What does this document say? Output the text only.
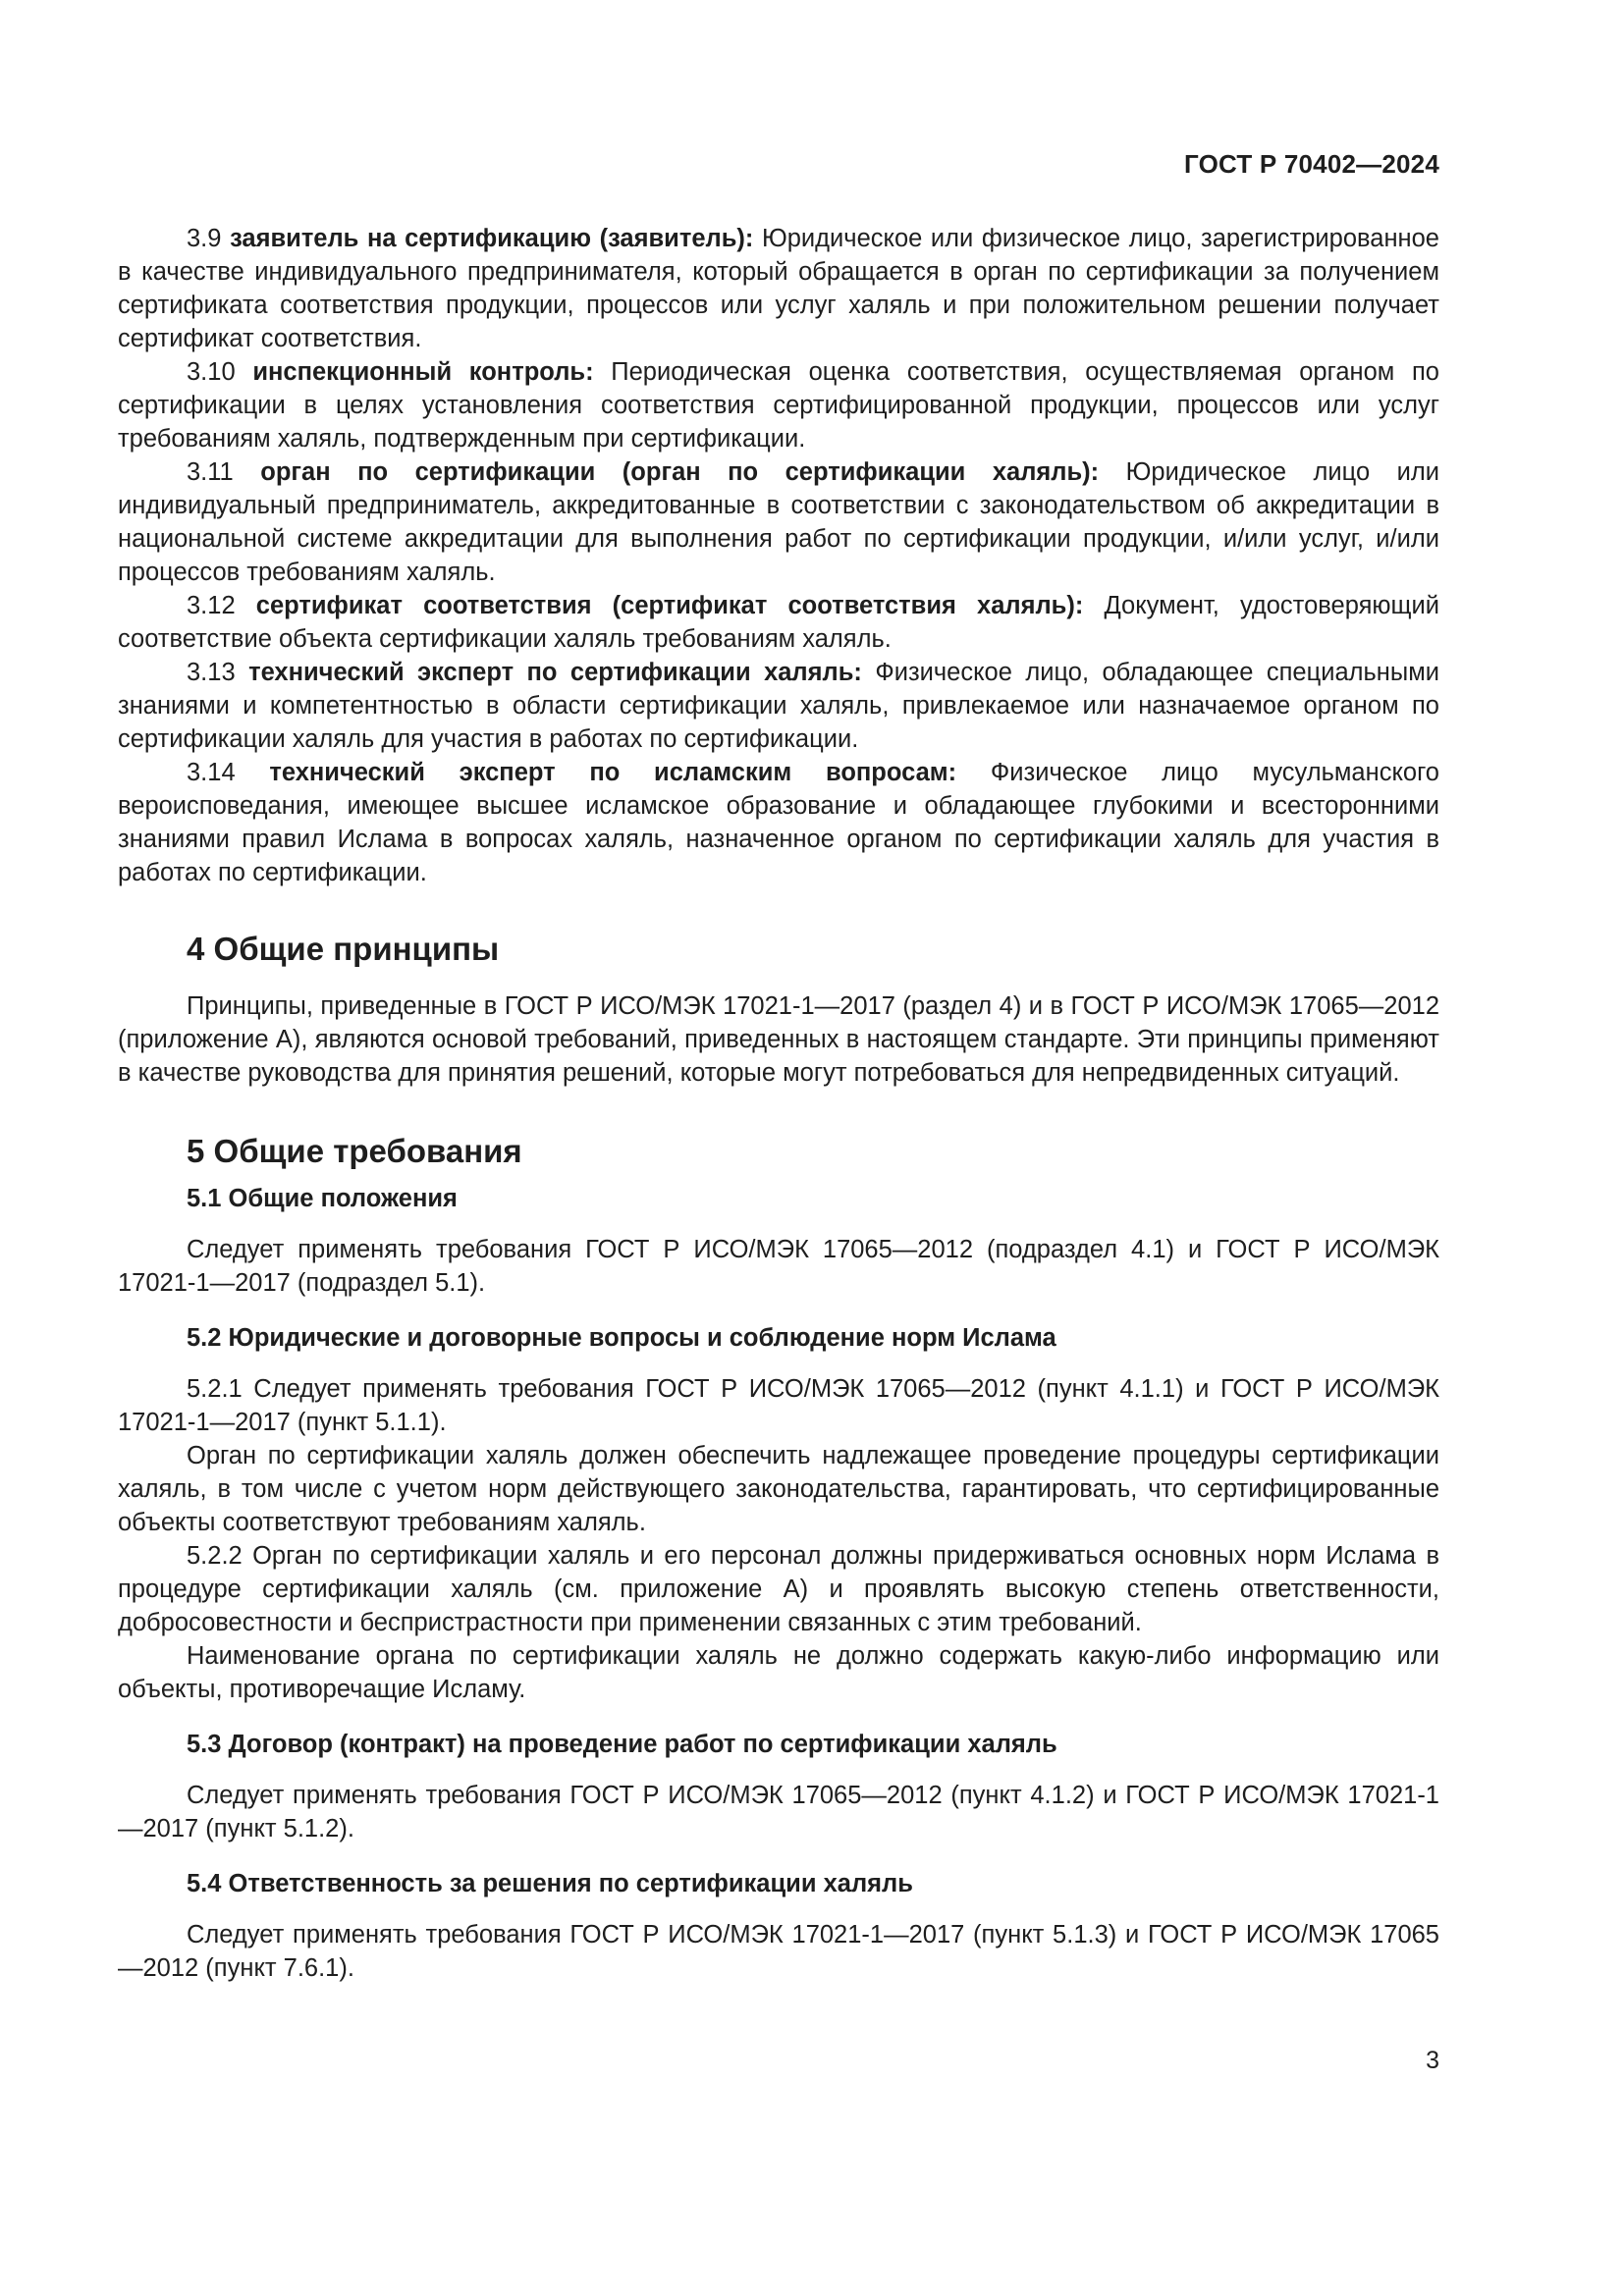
ГОСТ Р 70402—2024

3.9 заявитель на сертификацию (заявитель): Юридическое или физическое лицо, зарегистрированное в качестве индивидуального предпринимателя, который обращается в орган по сертификации за получением сертификата соответствия продукции, процессов или услуг халяль и при положительном решении получает сертификат соответствия.

3.10 инспекционный контроль: Периодическая оценка соответствия, осуществляемая органом по сертификации в целях установления соответствия сертифицированной продукции, процессов или услуг требованиям халяль, подтвержденным при сертификации.

3.11 орган по сертификации (орган по сертификации халяль): Юридическое лицо или индивидуальный предприниматель, аккредитованные в соответствии с законодательством об аккредитации в национальной системе аккредитации для выполнения работ по сертификации продукции, и/или услуг, и/или процессов требованиям халяль.

3.12 сертификат соответствия (сертификат соответствия халяль): Документ, удостоверяющий соответствие объекта сертификации халяль требованиям халяль.

3.13 технический эксперт по сертификации халяль: Физическое лицо, обладающее специальными знаниями и компетентностью в области сертификации халяль, привлекаемое или назначаемое органом по сертификации халяль для участия в работах по сертификации.

3.14 технический эксперт по исламским вопросам: Физическое лицо мусульманского вероисповедания, имеющее высшее исламское образование и обладающее глубокими и всесторонними знаниями правил Ислама в вопросах халяль, назначенное органом по сертификации халяль для участия в работах по сертификации.

4 Общие принципы

Принципы, приведенные в ГОСТ Р ИСО/МЭК 17021-1—2017 (раздел 4) и в ГОСТ Р ИСО/МЭК 17065—2012 (приложение А), являются основой требований, приведенных в настоящем стандарте. Эти принципы применяют в качестве руководства для принятия решений, которые могут потребоваться для непредвиденных ситуаций.

5 Общие требования
5.1 Общие положения

Следует применять требования ГОСТ Р ИСО/МЭК 17065—2012 (подраздел 4.1) и ГОСТ Р ИСО/МЭК 17021-1—2017 (подраздел 5.1).

5.2 Юридические и договорные вопросы и соблюдение норм Ислама

5.2.1 Следует применять требования ГОСТ Р ИСО/МЭК 17065—2012 (пункт 4.1.1) и ГОСТ Р ИСО/МЭК 17021-1—2017 (пункт 5.1.1).

Орган по сертификации халяль должен обеспечить надлежащее проведение процедуры сертификации халяль, в том числе с учетом норм действующего законодательства, гарантировать, что сертифицированные объекты соответствуют требованиям халяль.

5.2.2 Орган по сертификации халяль и его персонал должны придерживаться основных норм Ислама в процедуре сертификации халяль (см. приложение А) и проявлять высокую степень ответственности, добросовестности и беспристрастности при применении связанных с этим требований.

Наименование органа по сертификации халяль не должно содержать какую-либо информацию или объекты, противоречащие Исламу.

5.3 Договор (контракт) на проведение работ по сертификации халяль

Следует применять требования ГОСТ Р ИСО/МЭК 17065—2012 (пункт 4.1.2) и ГОСТ Р ИСО/МЭК 17021-1—2017 (пункт 5.1.2).

5.4 Ответственность за решения по сертификации халяль

Следует применять требования ГОСТ Р ИСО/МЭК 17021-1—2017 (пункт 5.1.3) и ГОСТ Р ИСО/МЭК 17065—2012 (пункт 7.6.1).

3
